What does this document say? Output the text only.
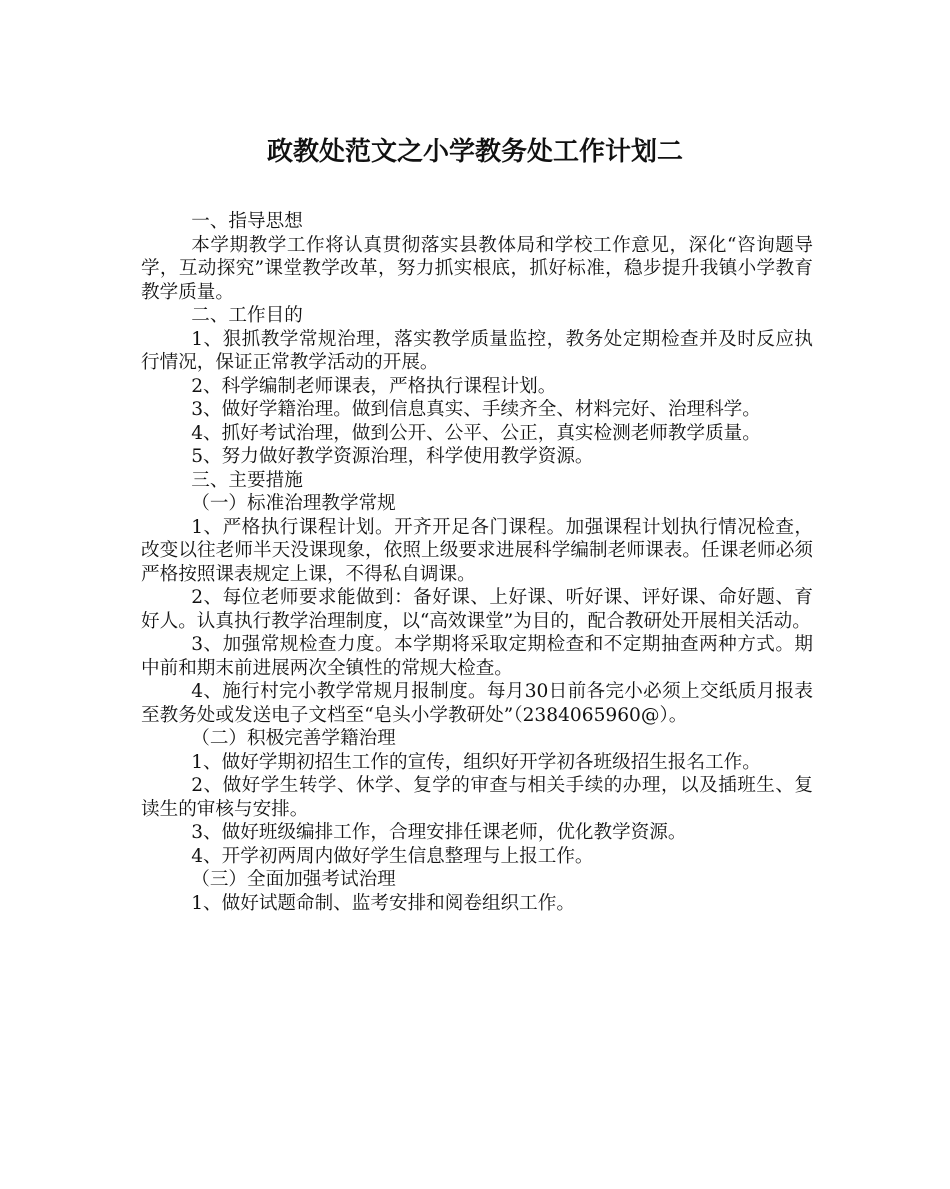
政教处范文之小学教务处工作计划二

一、指导思想

本学期教学工作将认真贯彻落实县教体局和学校工作意见，深化“咨询题导学，互动探究”课堂教学改革，努力抓实根底，抓好标准，稳步提升我镇小学教育教学质量。

二、工作目的

1、狠抓教学常规治理，落实教学质量监控，教务处定期检查并及时反应执行情况，保证正常教学活动的开展。

2、科学编制老师课表，严格执行课程计划。

3、做好学籍治理。做到信息真实、手续齐全、材料完好、治理科学。

4、抓好考试治理，做到公开、公平、公正，真实检测老师教学质量。

5、努力做好教学资源治理，科学使用教学资源。

三、主要措施

（一）标准治理教学常规

1、严格执行课程计划。开齐开足各门课程。加强课程计划执行情况检查，改变以往老师半天没课现象，依照上级要求进展科学编制老师课表。任课老师必须严格按照课表规定上课，不得私自调课。

2、每位老师要求能做到：备好课、上好课、听好课、评好课、命好题、育好人。认真执行教学治理制度，以“高效课堂”为目的，配合教研处开展相关活动。

3、加强常规检查力度。本学期将采取定期检查和不定期抽查两种方式。期中前和期末前进展两次全镇性的常规大检查。

4、施行村完小教学常规月报制度。每月30日前各完小必须上交纸质月报表至教务处或发送电子文档至“皂头小学教研处”（2384065960@）。

（二）积极完善学籍治理

1、做好学期初招生工作的宣传，组织好开学初各班级招生报名工作。

2、做好学生转学、休学、复学的审查与相关手续的办理，以及插班生、复读生的审核与安排。

3、做好班级编排工作，合理安排任课老师，优化教学资源。

4、开学初两周内做好学生信息整理与上报工作。

（三）全面加强考试治理

1、做好试题命制、监考安排和阅卷组织工作。
